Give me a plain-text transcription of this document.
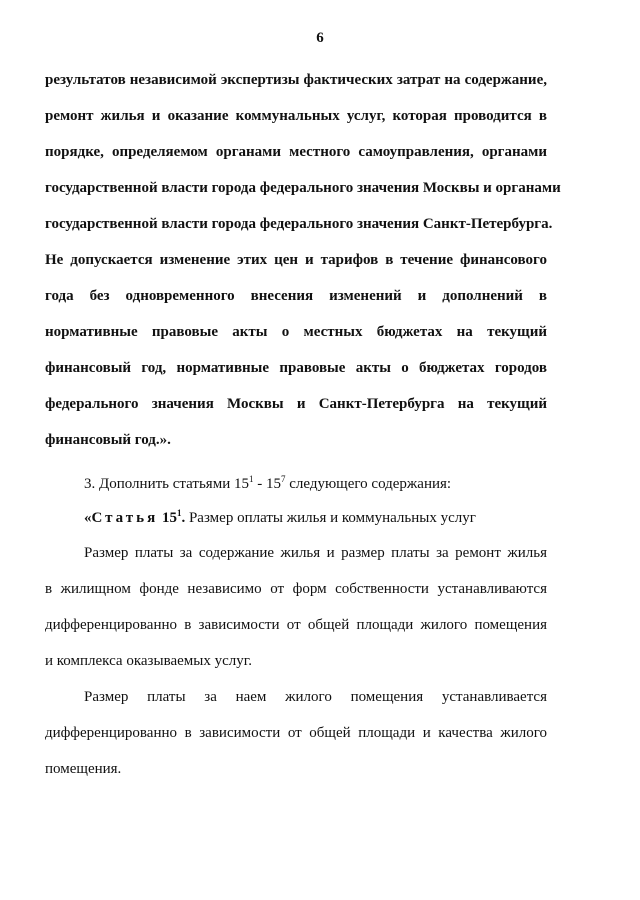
6
результатов независимой экспертизы фактических затрат на содержание,
ремонт жилья и оказание коммунальных услуг, которая проводится в
порядке, определяемом органами местного самоуправления, органами
государственной власти города федерального значения Москвы и органами
государственной власти города федерального значения Санкт-Петербурга.
Не допускается изменение этих цен и тарифов в течение финансового
года без одновременного внесения изменений и дополнений в
нормативные правовые акты о местных бюджетах на текущий
финансовый год, нормативные правовые акты о бюджетах городов
федерального значения Москвы и Санкт-Петербурга на текущий
финансовый год.».
3. Дополнить статьями $15^1 - 15^7$ следующего содержания:
«Статья $15^1$. Размер оплаты жилья и коммунальных услуг
Размер платы за содержание жилья и размер платы за ремонт жилья
в жилищном фонде независимо от форм собственности устанавливаются
дифференцированно в зависимости от общей площади жилого помещения
и комплекса оказываемых услуг.
Размер платы за наем жилого помещения устанавливается
дифференцированно в зависимости от общей площади и качества жилого
помещения.
